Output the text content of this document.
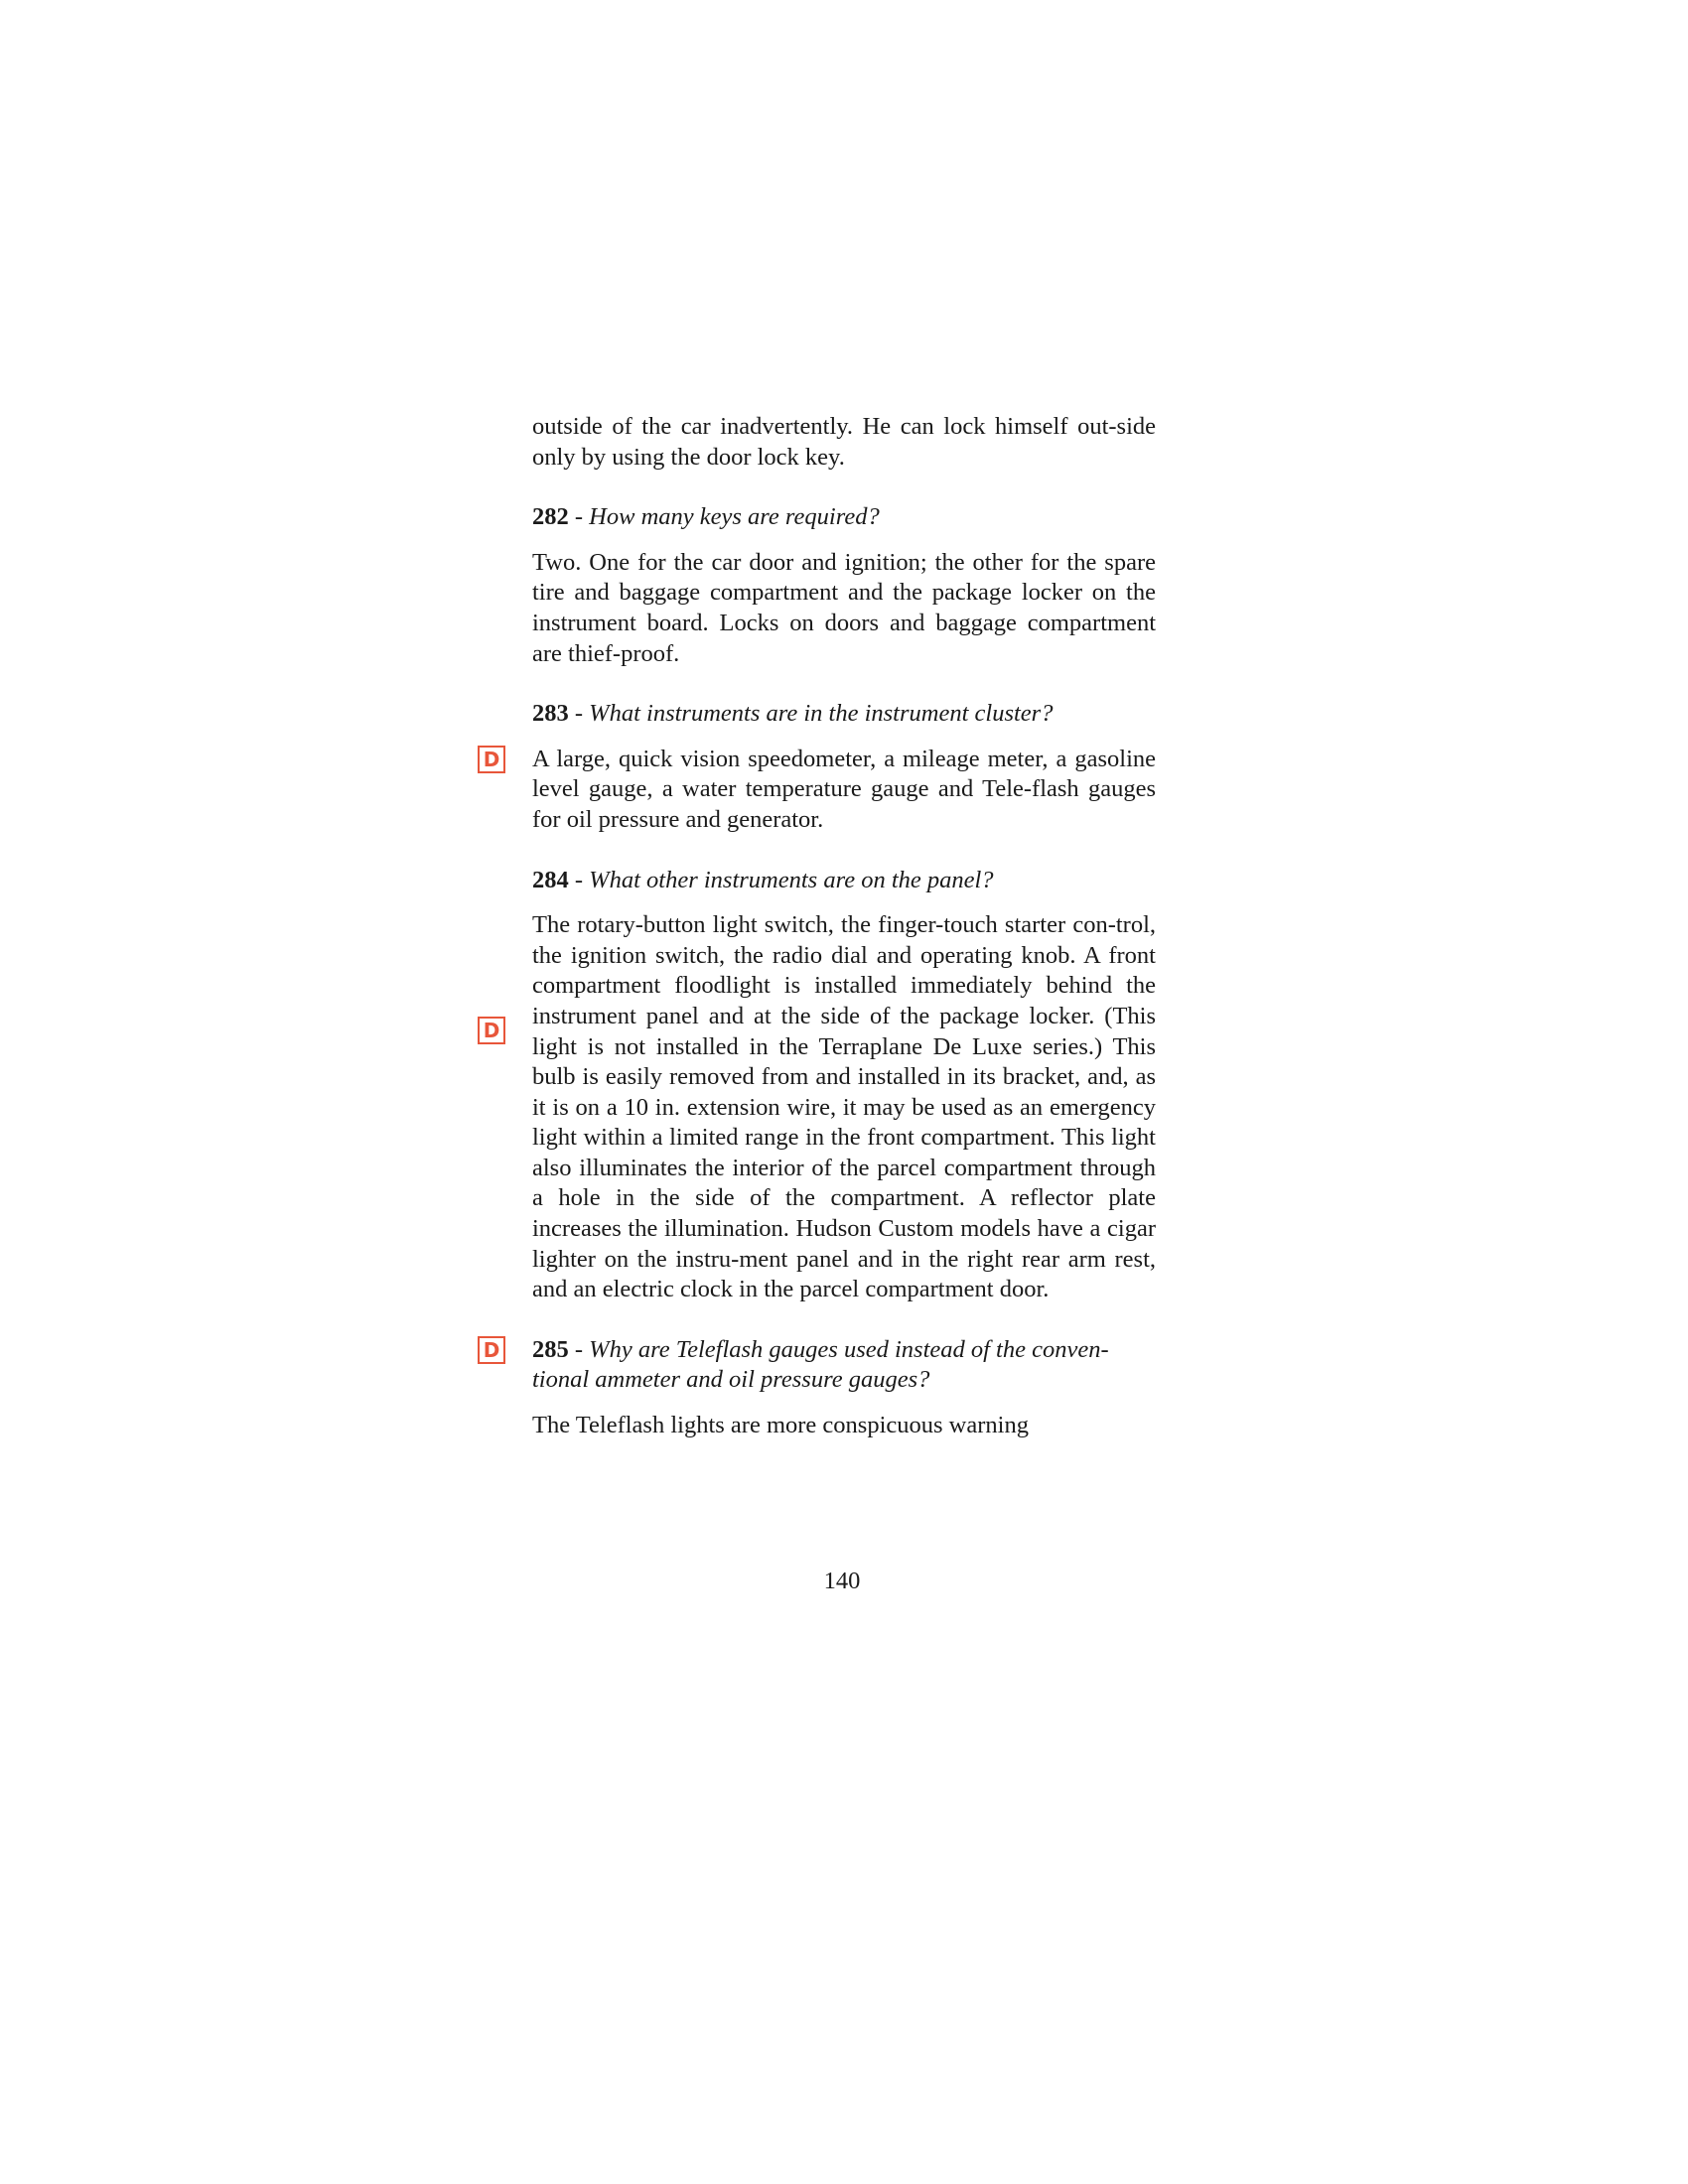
outside of the car inadvertently. He can lock himself out-side only by using the door lock key.

282 - How many keys are required?

Two. One for the car door and ignition; the other for the spare tire and baggage compartment and the package locker on the instrument board. Locks on doors and baggage compartment are thief-proof.

283 - What instruments are in the instrument cluster?

D A large, quick vision speedometer, a mileage meter, a gasoline level gauge, a water temperature gauge and Tele-flash gauges for oil pressure and generator.

284 - What other instruments are on the panel?

D

The rotary-button light switch, the finger-touch starter con-trol, the ignition switch, the radio dial and operating knob. A front compartment floodlight is installed immediately behind the instrument panel and at the side of the package locker. (This light is not installed in the Terraplane De Luxe series.) This bulb is easily removed from and installed in its bracket, and, as it is on a 10 in. extension wire, it may be used as an emergency light within a limited range in the front compartment. This light also illuminates the interior of the parcel compartment through a hole in the side of the compartment. A reflector plate increases the illumination. Hudson Custom models have a cigar lighter on the instru-ment panel and in the right rear arm rest, and an electric clock in the parcel compartment door.

D 285 - Why are Teleflash gauges used instead of the conven-tional ammeter and oil pressure gauges?

The Teleflash lights are more conspicuous warning

140
